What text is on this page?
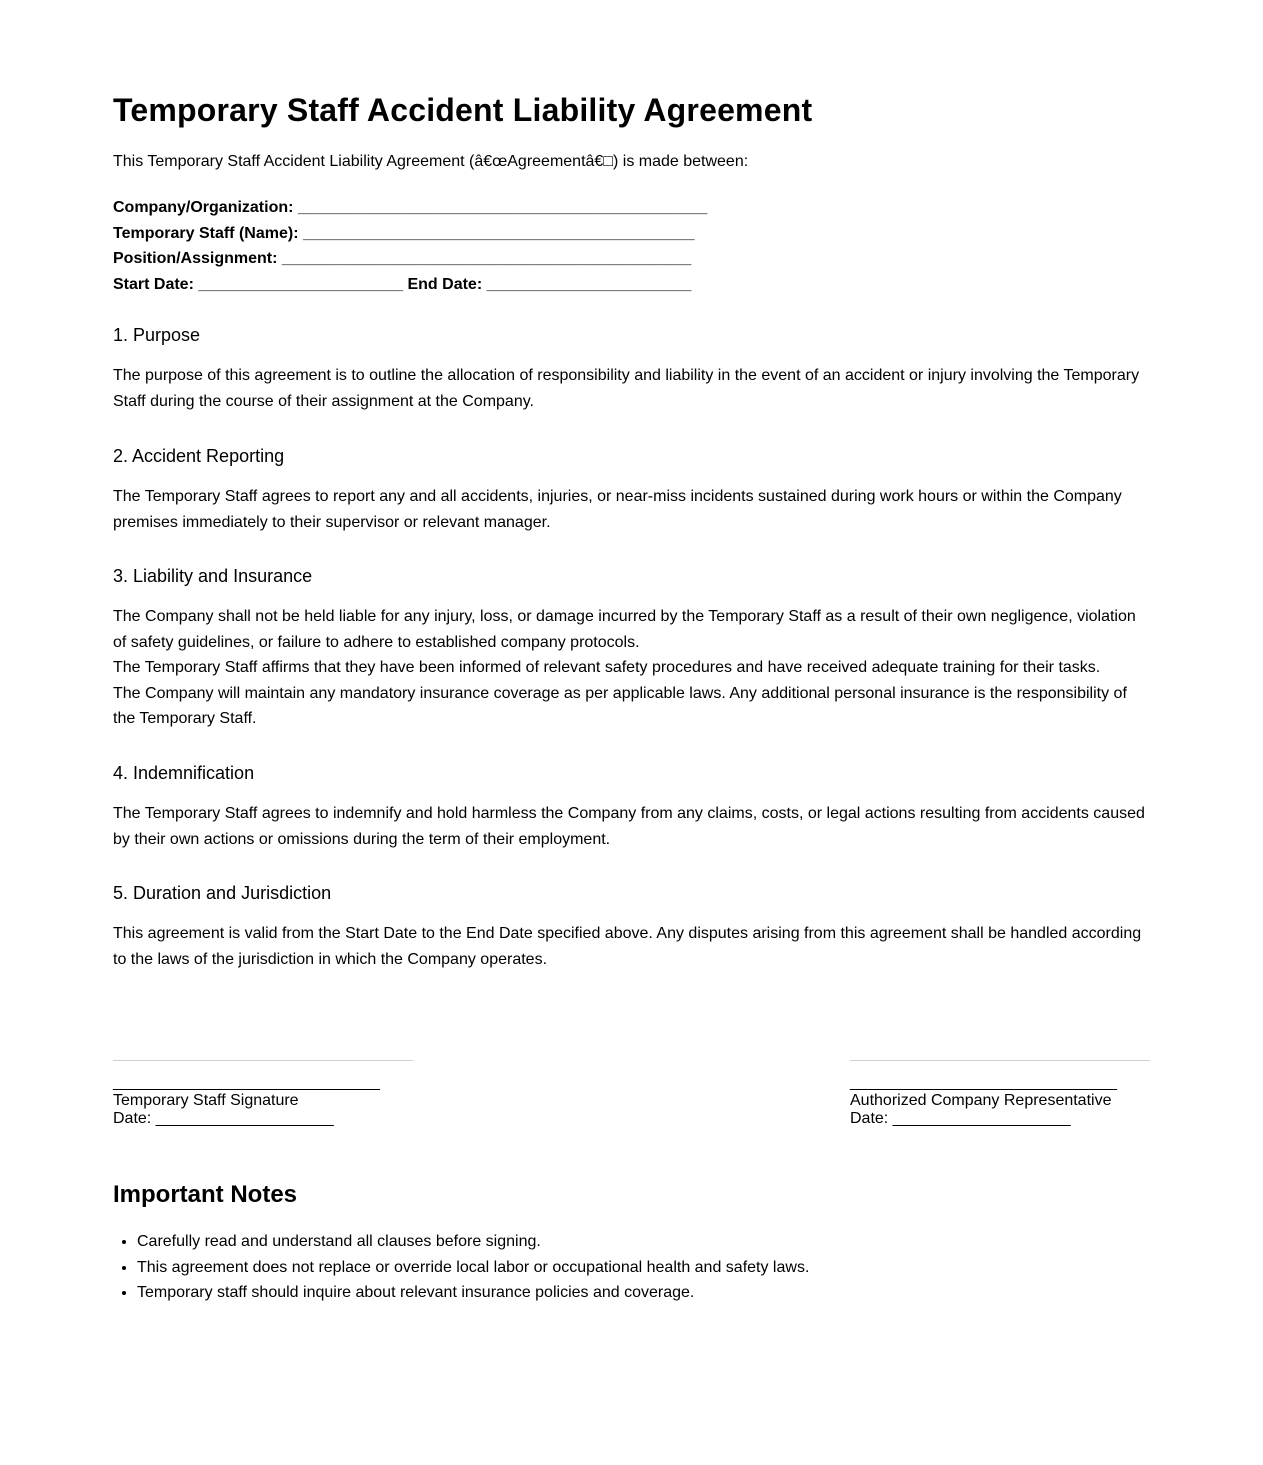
Temporary Staff Accident Liability Agreement

This Temporary Staff Accident Liability Agreement (â€œAgreementâ€□) is made between:

Company/Organization: ______________________________________________
Temporary Staff (Name): ____________________________________________
Position/Assignment: ______________________________________________
Start Date: _______________________ End Date: _______________________
1. Purpose

The purpose of this agreement is to outline the allocation of responsibility and liability in the event of an accident or injury involving the Temporary Staff during the course of their assignment at the Company.

2. Accident Reporting

The Temporary Staff agrees to report any and all accidents, injuries, or near-miss incidents sustained during work hours or within the Company premises immediately to their supervisor or relevant manager.

3. Liability and Insurance

The Company shall not be held liable for any injury, loss, or damage incurred by the Temporary Staff as a result of their own negligence, violation of safety guidelines, or failure to adhere to established company protocols.

The Temporary Staff affirms that they have been informed of relevant safety procedures and have received adequate training for their tasks.

The Company will maintain any mandatory insurance coverage as per applicable laws. Any additional personal insurance is the responsibility of the Temporary Staff.

4. Indemnification

The Temporary Staff agrees to indemnify and hold harmless the Company from any claims, costs, or legal actions resulting from accidents caused by their own actions or omissions during the term of their employment.

5. Duration and Jurisdiction

This agreement is valid from the Start Date to the End Date specified above. Any disputes arising from this agreement shall be handled according to the laws of the jurisdiction in which the Company operates.

______________________________
Temporary Staff Signature
Date: ____________________
______________________________
Authorized Company Representative
Date: ____________________
Important Notes
• Carefully read and understand all clauses before signing.
• This agreement does not replace or override local labor or occupational health and safety laws.
• Temporary staff should inquire about relevant insurance policies and coverage.
